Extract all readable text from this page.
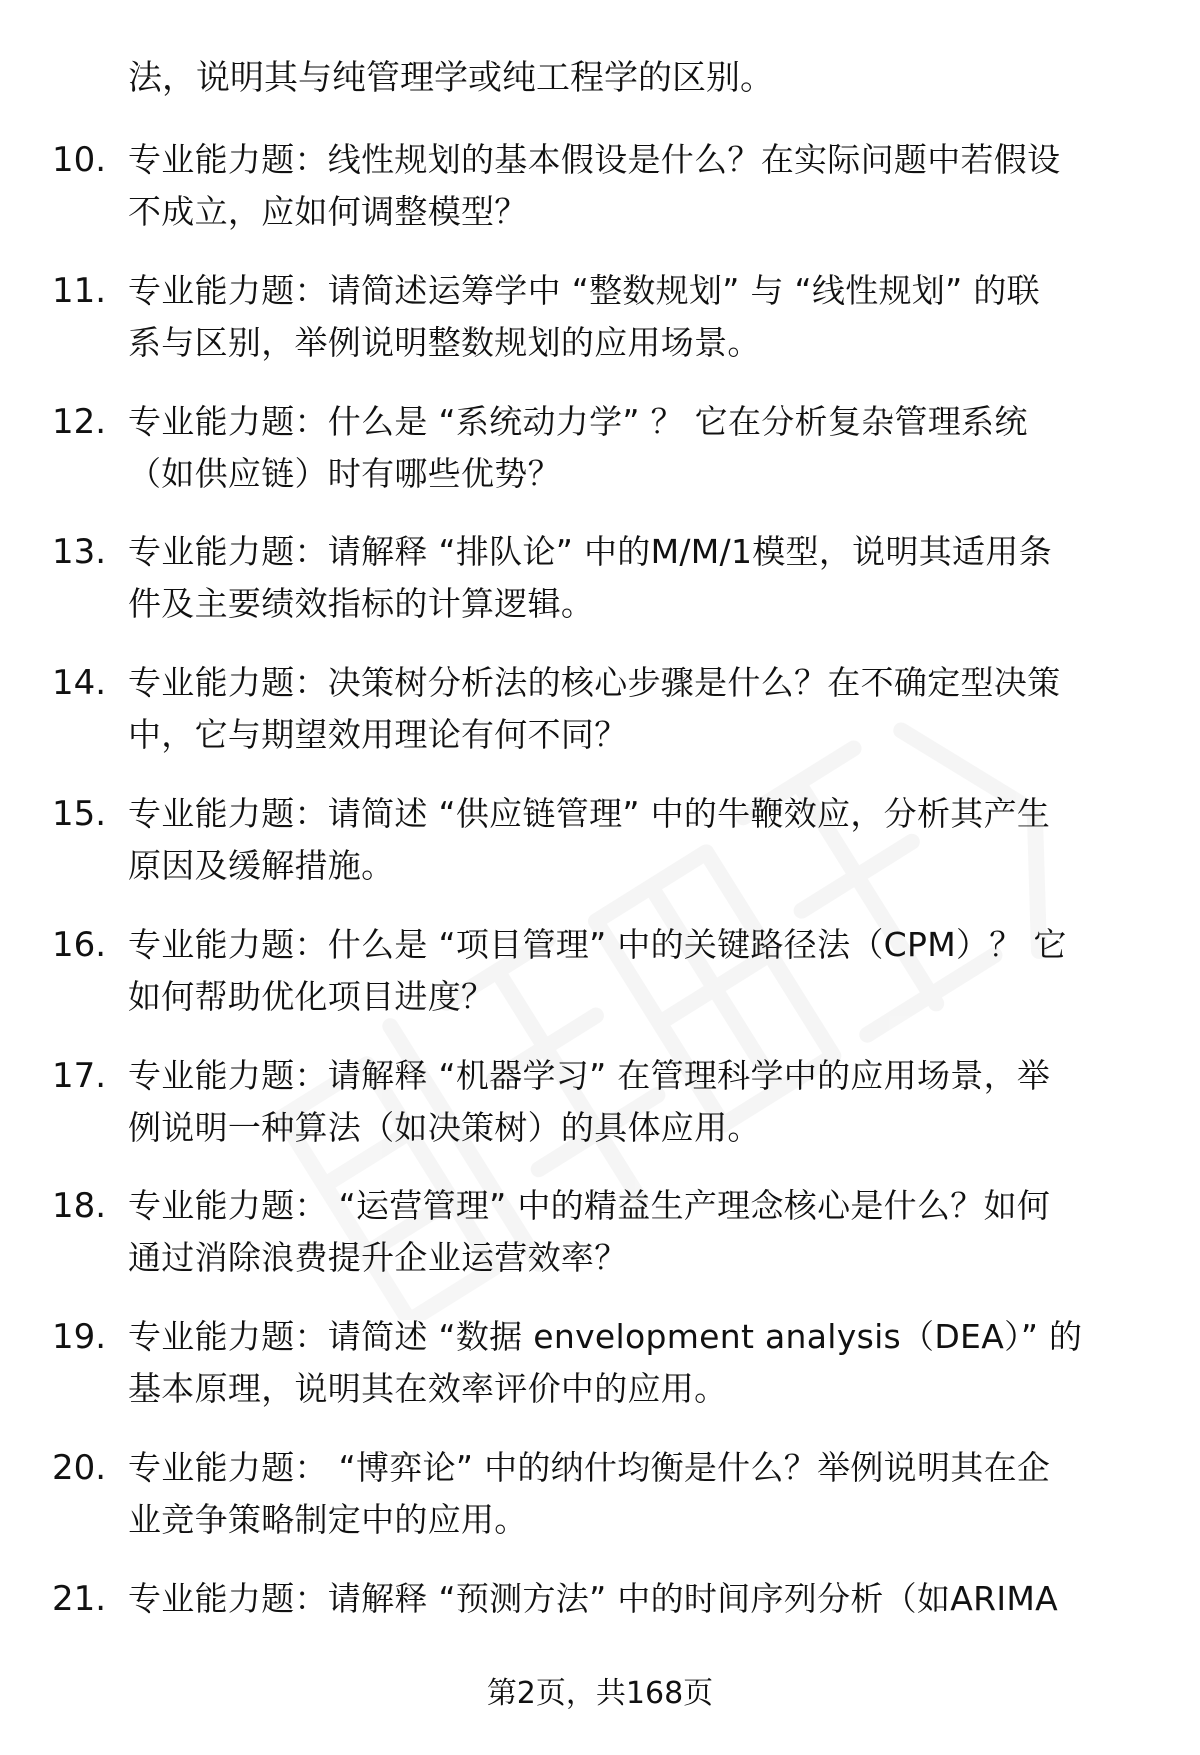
法，说明其与纯管理学或纯工程学的区别。
10. 专业能力题：线性规划的基本假设是什么？在实际问题中若假设
不成立，应如何调整模型？
11. 专业能力题：请简述运筹学中 “整数规划” 与 “线性规划” 的联
系与区别，举例说明整数规划的应用场景。
12. 专业能力题：什么是 “系统动力学” ？ 它在分析复杂管理系统
（如供应链）时有哪些优势？
13. 专业能力题：请解释 “排队论” 中的M/M/1模型，说明其适用条
件及主要绩效指标的计算逻辑。
14. 专业能力题：决策树分析法的核心步骤是什么？在不确定型决策
中，它与期望效用理论有何不同？
15. 专业能力题：请简述 “供应链管理” 中的牛鞭效应，分析其产生
原因及缓解措施。
16. 专业能力题：什么是 “项目管理” 中的关键路径法（CPM）？ 它
如何帮助优化项目进度？
17. 专业能力题：请解释 “机器学习” 在管理科学中的应用场景，举
例说明一种算法（如决策树）的具体应用。
18. 专业能力题： “运营管理” 中的精益生产理念核心是什么？如何
通过消除浪费提升企业运营效率？
19. 专业能力题：请简述 “数据 envelopment analysis（DEA）” 的
基本原理，说明其在效率评价中的应用。
20. 专业能力题： “博弈论” 中的纳什均衡是什么？举例说明其在企
业竞争策略制定中的应用。
21. 专业能力题：请解释 “预测方法” 中的时间序列分析（如ARIMA
第2页，共168页
